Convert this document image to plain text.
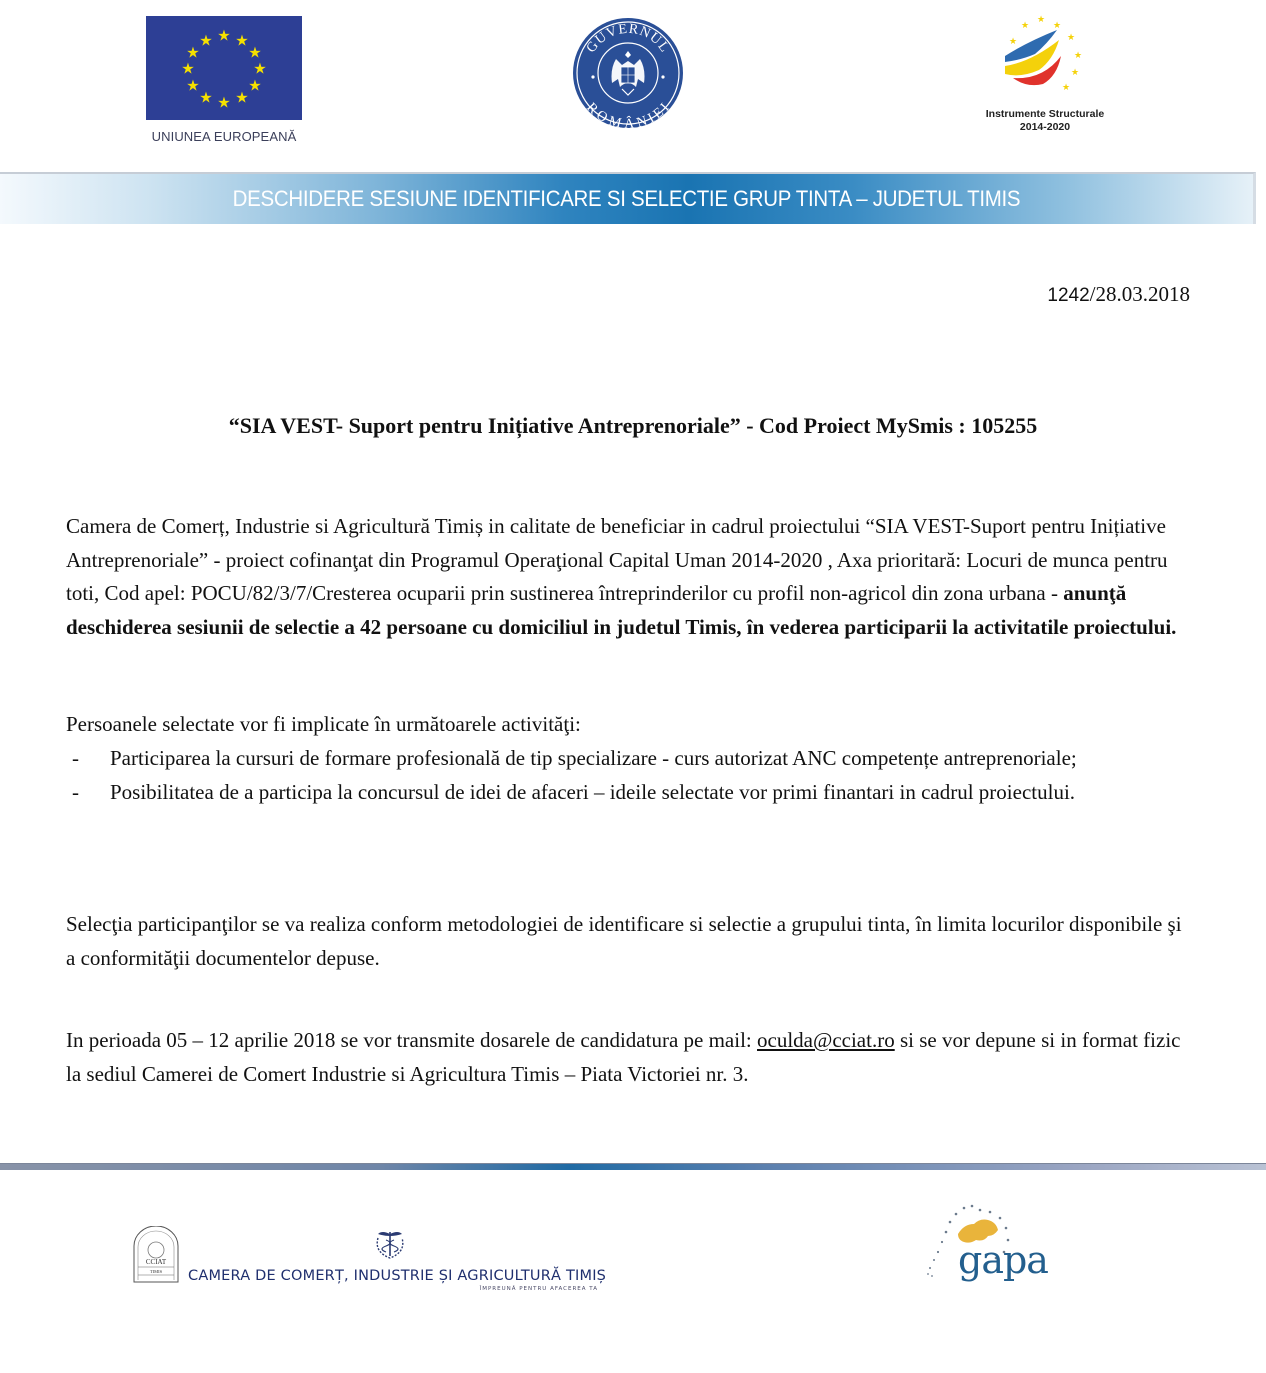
★ ★
★
★
★
★
★
★
★
★
★
★
UNIUNEA EUROPEANĂ
GUVERNUL
ROMÂNIEI
★
★
★
★
★
★
★
★
Instrumente Structurale
2014-2020
DESCHIDERE SESIUNE IDENTIFICARE SI SELECTIE GRUP TINTA – JUDETUL TIMIS
1242/28.03.2018
“SIA VEST- Suport pentru Inițiative Antreprenoriale” - Cod Proiect MySmis : 105255

Camera de Comerț, Industrie si Agricultură Timiș in calitate de beneficiar in cadrul proiectului “SIA VEST-Suport pentru Inițiative Antreprenoriale” - proiect cofinanţat din Programul Operaţional Capital Uman 2014-2020 , Axa prioritară: Locuri de munca pentru toti, Cod apel: POCU/82/3/7/Cresterea ocuparii prin sustinerea întreprinderilor cu profil non-agricol din zona urbana - anunţă deschiderea sesiunii de selectie a 42 persoane cu domiciliul in judetul Timis, în vederea participarii la activitatile proiectului.

Persoanele selectate vor fi implicate în următoarele activităţi:

- Participarea la cursuri de formare profesională de tip specializare - curs autorizat ANC competențe antreprenoriale;
- Posibilitatea de a participa la concursul de idei de afaceri – ideile selectate vor primi finantari in cadrul proiectului.

Selecţia participanţilor se va realiza conform metodologiei de identificare si selectie a grupului tinta, în limita locurilor disponibile şi a conformităţii documentelor depuse.

In perioada 05 – 12 aprilie 2018 se vor transmite dosarele de candidatura pe mail: oculda@cciat.ro si se vor depune si in format fizic la sediul Camerei de Comert Industrie si Agricultura Timis – Piata Victoriei nr. 3.

CCIAT
TIMIS CAMERA DE COMERȚ, INDUSTRIE ȘI AGRICULTURĂ TIMIȘ
ÎMPREUNĂ PENTRU AFACEREA TA
gapa
